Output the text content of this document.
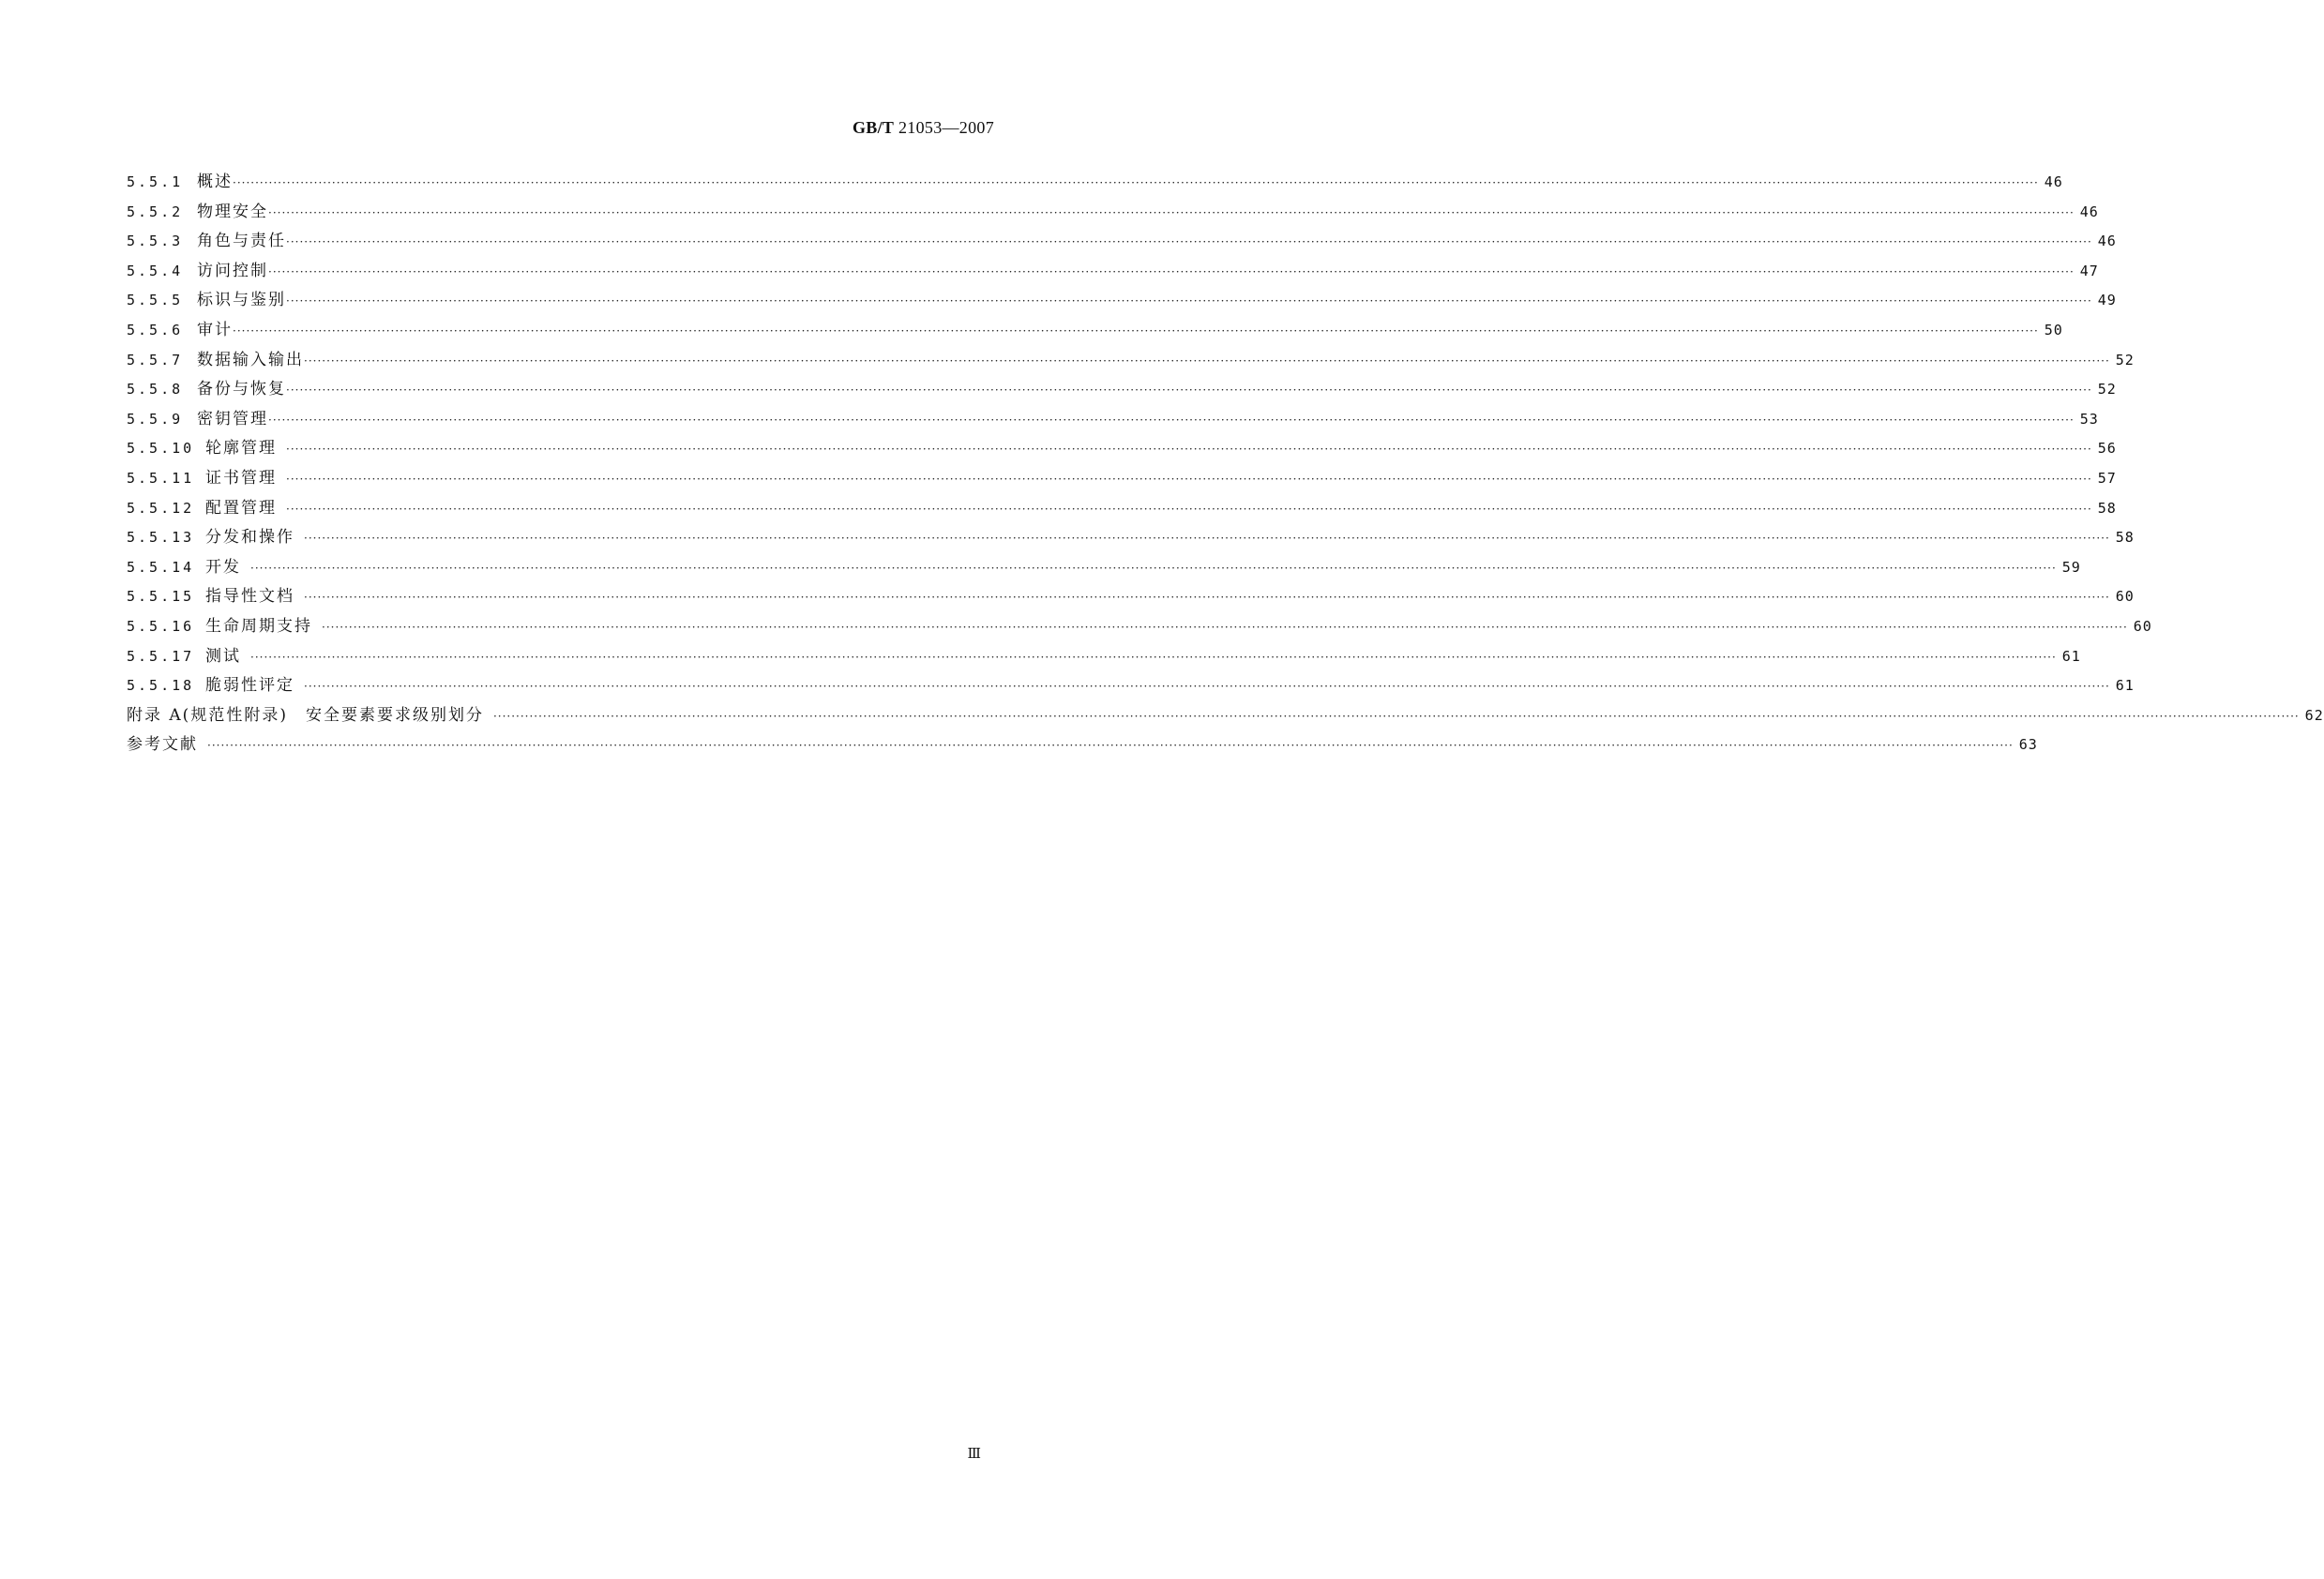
GB/T 21053—2007
5.5.1 概述 ················································································································································································································································································································································································································ 46
5.5.2 物理安全 ················································································································································································································································································································································································································ 46
5.5.3 角色与责任 ················································································································································································································································································································································································································ 46
5.5.4 访问控制 ················································································································································································································································································································································································································ 47
5.5.5 标识与鉴别 ················································································································································································································································································································································································································ 49
5.5.6 审计 ················································································································································································································································································································································································································ 50
5.5.7 数据输入输出 ················································································································································································································································································································································································································ 52
5.5.8 备份与恢复 ················································································································································································································································································································································································································ 52
5.5.9 密钥管理 ················································································································································································································································································································································································································ 53
5.5.10 轮廓管理 ················································································································································································································································································································································································································ 56
5.5.11 证书管理 ················································································································································································································································································································································································································ 57
5.5.12 配置管理 ················································································································································································································································································································································································································ 58
5.5.13 分发和操作 ················································································································································································································································································································································································································ 58
5.5.14 开发 ················································································································································································································································································································································································································ 59
5.5.15 指导性文档 ················································································································································································································································································································································································································ 60
5.5.16 生命周期支持 ················································································································································································································································································································································································································ 60
5.5.17 测试 ················································································································································································································································································································································································································ 61
5.5.18 脆弱性评定 ················································································································································································································································································································································································································ 61
附录 A(规范性附录)　安全要素要求级别划分 ················································································································································································································································································································································································································ 62
参考文献 ················································································································································································································································································································································································································ 63
Ⅲ
